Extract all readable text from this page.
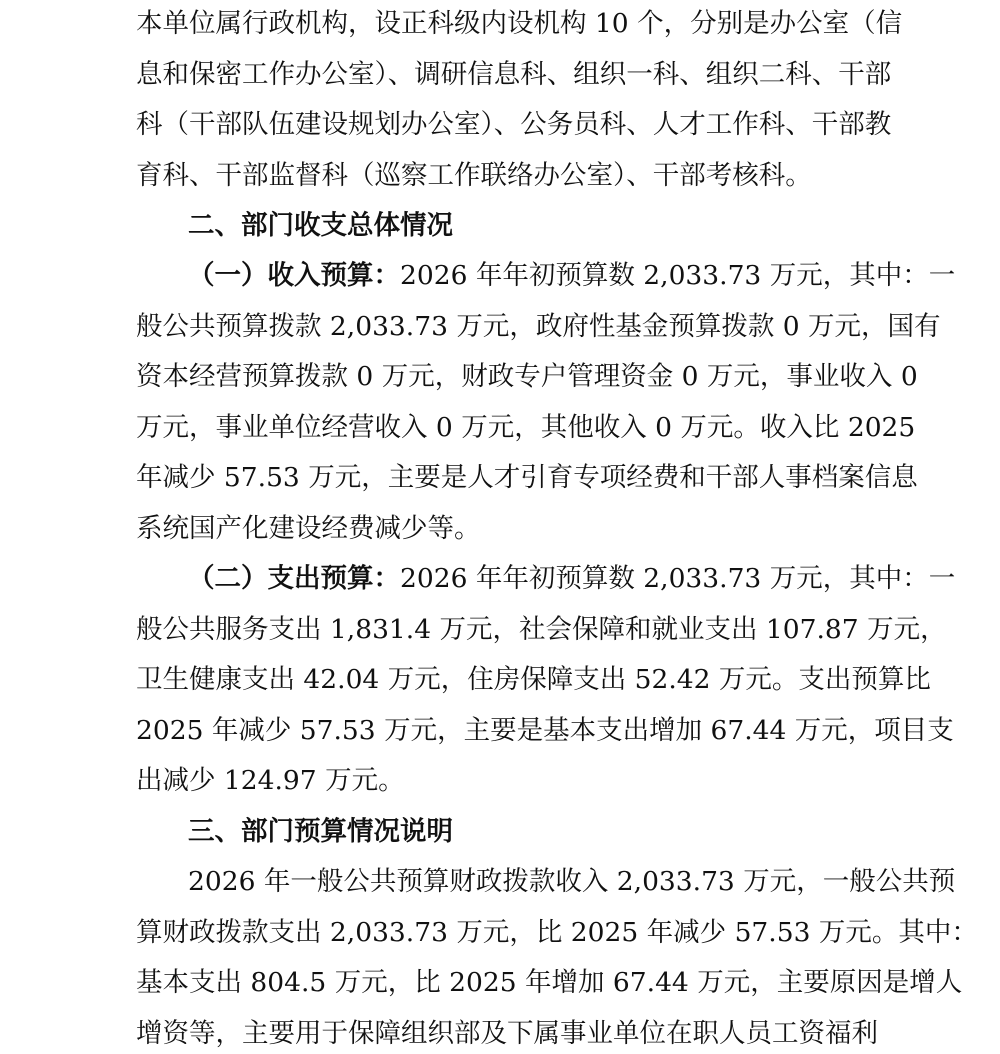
本单位属行政机构，设正科级内设机构 10 个，分别是办公室（信
息和保密工作办公室）、调研信息科、组织一科、组织二科、干部
科（干部队伍建设规划办公室）、公务员科、人才工作科、干部教
育科、干部监督科（巡察工作联络办公室）、干部考核科。
二、部门收支总体情况
（一）收入预算：2026 年年初预算数 2,033.73 万元，其中：一
般公共预算拨款 2,033.73 万元，政府性基金预算拨款 0 万元，国有
资本经营预算拨款 0 万元，财政专户管理资金 0 万元，事业收入 0
万元，事业单位经营收入 0 万元，其他收入 0 万元。收入比 2025
年减少 57.53 万元，主要是人才引育专项经费和干部人事档案信息
系统国产化建设经费减少等。
（二）支出预算：2026 年年初预算数 2,033.73 万元，其中：一
般公共服务支出 1,831.4 万元，社会保障和就业支出 107.87 万元，
卫生健康支出 42.04 万元，住房保障支出 52.42 万元。支出预算比
2025 年减少 57.53 万元，主要是基本支出增加 67.44 万元，项目支
出减少 124.97 万元。
三、部门预算情况说明
2026 年一般公共预算财政拨款收入 2,033.73 万元，一般公共预
算财政拨款支出 2,033.73 万元，比 2025 年减少 57.53 万元。其中：
基本支出 804.5 万元，比 2025 年增加 67.44 万元，主要原因是增人
增资等，主要用于保障组织部及下属事业单位在职人员工资福利
